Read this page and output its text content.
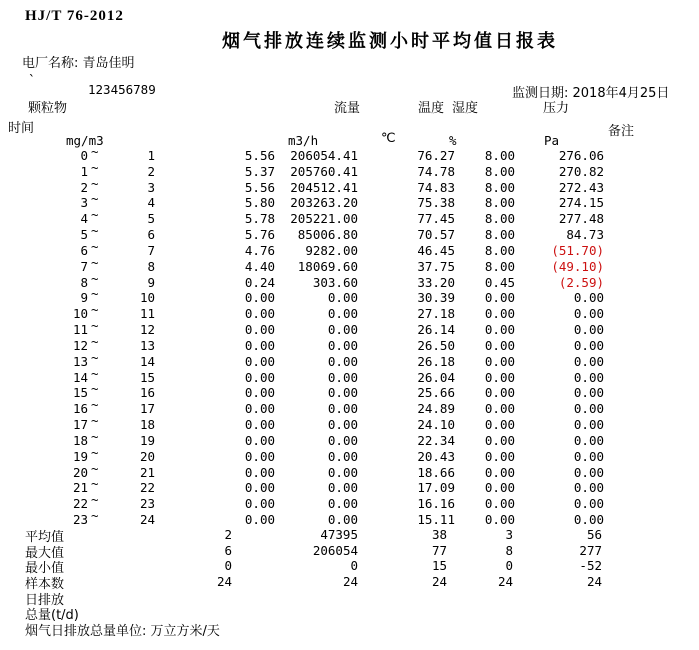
HJ/T 76-2012
烟气排放连续监测小时平均值日报表
电厂名称: 青岛佳明
`
123456789	监测日期: 2018年4月25日
颗粒物	流量	温度 湿度	压力
时间	备注
mg/m3	m3/h	℃	%	Pa
0 ~	1	5.56	206054.41	76.27	8.00	276.06
1 ~	2	5.37	205760.41	74.78	8.00	270.82
2 ~	3	5.56	204512.41	74.83	8.00	272.43
3 ~	4	5.80	203263.20	75.38	8.00	274.15
4 ~	5	5.78	205221.00	77.45	8.00	277.48
5 ~	6	5.76	85006.80	70.57	8.00	84.73
6 ~	7	4.76	9282.00	46.45	8.00	(51.70)
7 ~	8	4.40	18069.60	37.75	8.00	(49.10)
8 ~	9	0.24	303.60	33.20	0.45	(2.59)
9 ~	10	0.00	0.00	30.39	0.00	0.00
10 ~	11	0.00	0.00	27.18	0.00	0.00
11 ~	12	0.00	0.00	26.14	0.00	0.00
12 ~	13	0.00	0.00	26.50	0.00	0.00
13 ~	14	0.00	0.00	26.18	0.00	0.00
14 ~	15	0.00	0.00	26.04	0.00	0.00
15 ~	16	0.00	0.00	25.66	0.00	0.00
16 ~	17	0.00	0.00	24.89	0.00	0.00
17 ~	18	0.00	0.00	24.10	0.00	0.00
18 ~	19	0.00	0.00	22.34	0.00	0.00
19 ~	20	0.00	0.00	20.43	0.00	0.00
20 ~	21	0.00	0.00	18.66	0.00	0.00
21 ~	22	0.00	0.00	17.09	0.00	0.00
22 ~	23	0.00	0.00	16.16	0.00	0.00
23 ~	24	0.00	0.00	15.11	0.00	0.00
平均值	2	47395	38	3	56
最大值	6	206054	77	8	277
最小值	0	0	15	0	-52
样本数	24	24	24	24	24
日排放
总量(t/d)
烟气日排放总量单位: 万立方米/天
